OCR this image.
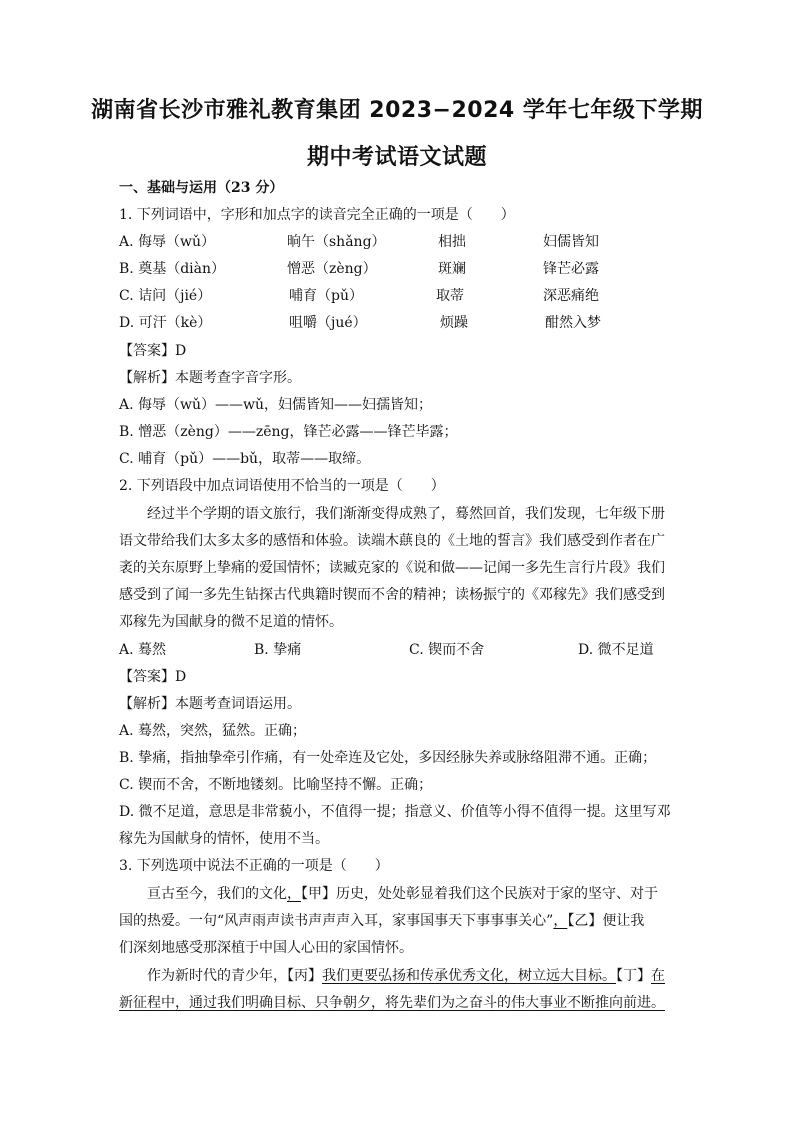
湖南省长沙市雅礼教育集团 2023−2024 学年七年级下学期
期中考试语文试题
一、基础与运用（23 分）
1. 下列词语中，字形和加点字的读音完全正确的一项是（　　）
A. 侮辱（wǔ）	晌午（shǎng）	相拙	妇儒皆知
B. 奠基（diàn）	憎恶（zèng）	斑斓	锋芒必露
C. 诘问（jié）	哺育（pǔ）	取蒂	深恶痛绝
D. 可汗（kè）	咀嚼（jué）	烦躁	酣然入梦
【答案】D
【解析】本题考查字音字形。
A. 侮辱（wǔ）——wǔ，妇儒皆知——妇孺皆知；
B. 憎恶（zèng）——zēng，锋芒必露——锋芒毕露；
C. 哺育（pǔ）——bǔ，取蒂——取缔。
2. 下列语段中加点词语使用不恰当的一项是（　　）
经过半个学期的语文旅行，我们渐渐变得成熟了，蓦然回首，我们发现，七年级下册
语文带给我们太多太多的感悟和体验。读端木蕻良的《土地的誓言》我们感受到作者在广
袤的关东原野上挚痛的爱国情怀；读臧克家的《说和做——记闻一多先生言行片段》我们
感受到了闻一多先生钻探古代典籍时锲而不舍的精神；读杨振宁的《邓稼先》我们感受到
邓稼先为国献身的微不足道的情怀。
A. 蓦然	B. 挚痛	C. 锲而不舍	D. 微不足道
【答案】D
【解析】本题考查词语运用。
A. 蓦然，突然，猛然。正确；
B. 挚痛，指抽挚牵引作痛，有一处牵连及它处，多因经脉失养或脉络阻滞不通。正确；
C. 锲而不舍，不断地镂刻。比喻坚持不懈。正确；
D. 微不足道，意思是非常藐小，不值得一提；指意义、价值等小得不值得一提。这里写邓
稼先为国献身的情怀，使用不当。
3. 下列选项中说法不正确的一项是（　　）
亘古至今，我们的文化，【甲】历史，处处彰显着我们这个民族对于家的坚守、对于
国的热爱。一句“风声雨声读书声声声入耳，家事国事天下事事事关心”，【乙】便让我
们深刻地感受那深植于中国人心田的家国情怀。
作为新时代的青少年，【丙】我们更要弘扬和传承优秀文化，树立远大目标。【丁】在
新征程中，通过我们明确目标、只争朝夕，将先辈们为之奋斗的伟大事业不断推向前进。
